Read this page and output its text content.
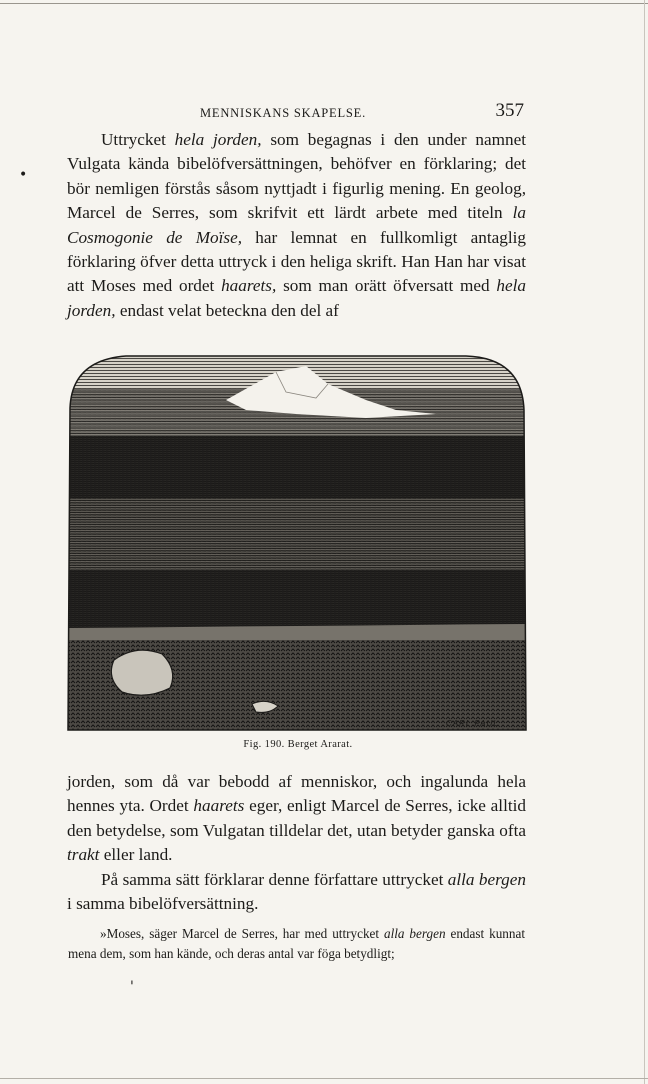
MENNISKANS SKAPELSE.	357
•

Uttrycket hela jorden, som begagnas i den under namnet Vulgata kända bibelöfversättningen, behöfver en förklaring; det bör nemligen förstås såsom nyttjadt i figurlig mening. En geolog, Marcel de Serres, som skrifvit ett lärdt arbete med titeln la Cosmogonie de Moïse, har lemnat en fullkomligt antaglig förklaring öfver detta uttryck i den heliga skrift. Han Han har visat att Moses med ordet haarets, som man orätt öfversatt med hela jorden, endast velat beteckna den del af

CARL PAUL
Fig. 190. Berget Ararat.

jorden, som då var bebodd af menniskor, och ingalunda hela hennes yta. Ordet haarets eger, enligt Marcel de Serres, icke alltid den betydelse, som Vulgatan tilldelar det, utan betyder ganska ofta trakt eller land.

På samma sätt förklarar denne författare uttrycket alla bergen i samma bibelöfversättning.

»Moses, säger Marcel de Serres, har med uttrycket alla bergen endast kunnat mena dem, som han kände, och deras antal var föga betydligt;

'
